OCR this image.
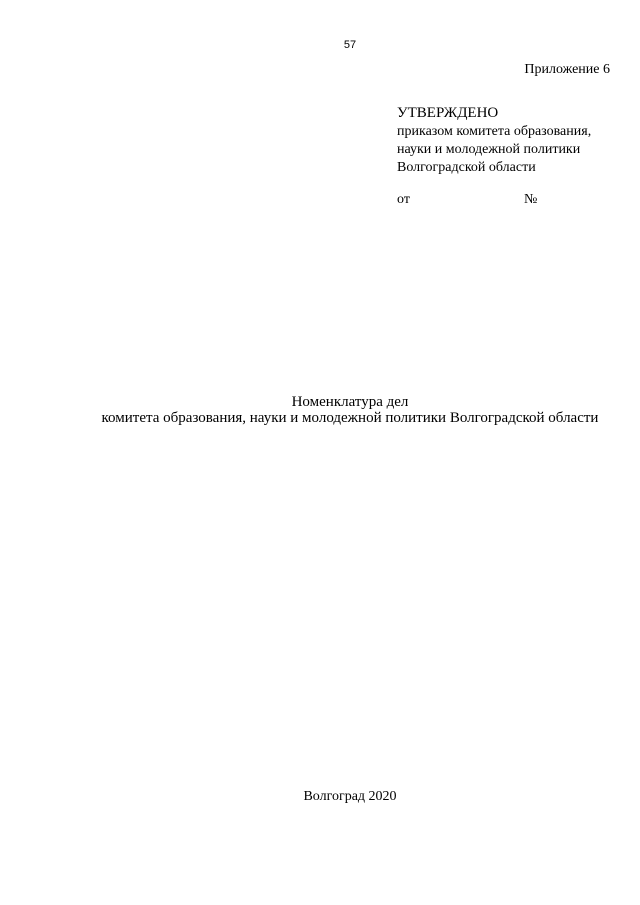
57
Приложение 6
УТВЕРЖДЕНО
приказом комитета образования,
науки и молодежной политики
Волгоградской области
от	№
Номенклатура дел
комитета образования, науки и молодежной политики Волгоградской области
Волгоград 2020
